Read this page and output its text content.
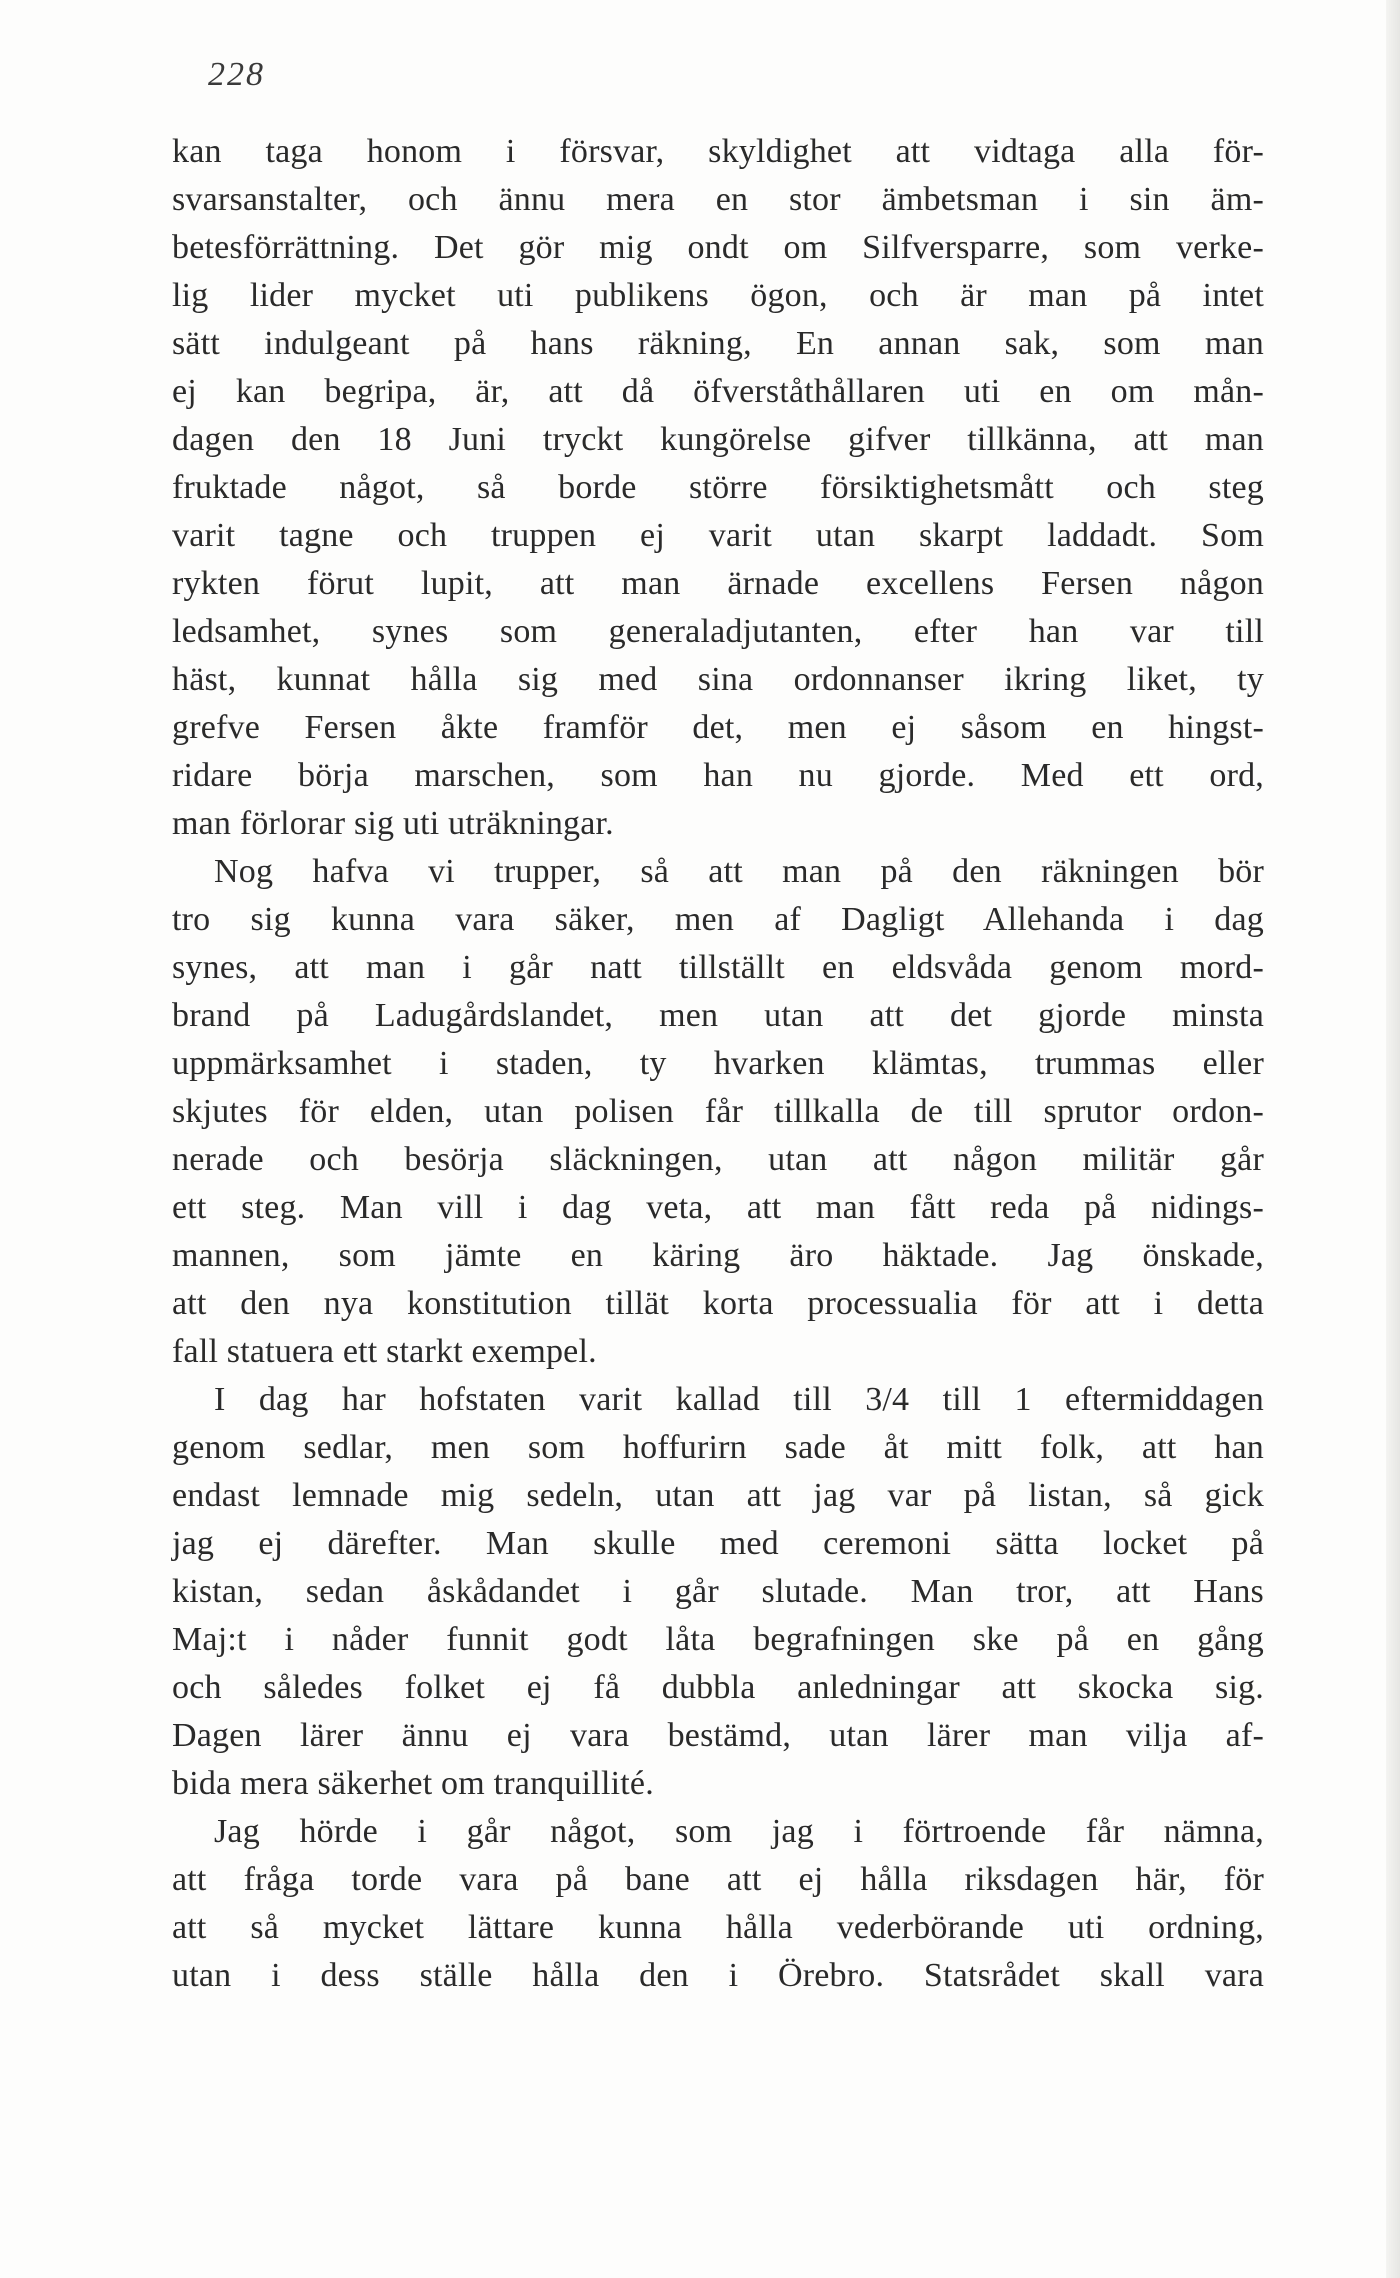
228
kan taga honom i försvar, skyldighet att vidtaga alla för-
svarsanstalter, och ännu mera en stor ämbetsman i sin äm-
betesförrättning. Det gör mig ondt om Silfversparre, som verke-
lig lider mycket uti publikens ögon, och är man på intet
sätt indulgeant på hans räkning, En annan sak, som man
ej kan begripa, är, att då öfverståthållaren uti en om mån-
dagen den 18 Juni tryckt kungörelse gifver tillkänna, att man
fruktade något, så borde större försiktighetsmått och steg
varit tagne och truppen ej varit utan skarpt laddadt. Som
rykten förut lupit, att man ärnade excellens Fersen någon
ledsamhet, synes som generaladjutanten, efter han var till
häst, kunnat hålla sig med sina ordonnanser ikring liket, ty
grefve Fersen åkte framför det, men ej såsom en hingst-
ridare börja marschen, som han nu gjorde. Med ett ord,
man förlorar sig uti uträkningar.
Nog hafva vi trupper, så att man på den räkningen bör
tro sig kunna vara säker, men af Dagligt Allehanda i dag
synes, att man i går natt tillställt en eldsvåda genom mord-
brand på Ladugårdslandet, men utan att det gjorde minsta
uppmärksamhet i staden, ty hvarken klämtas, trummas eller
skjutes för elden, utan polisen får tillkalla de till sprutor ordon-
nerade och besörja släckningen, utan att någon militär går
ett steg. Man vill i dag veta, att man fått reda på nidings-
mannen, som jämte en käring äro häktade. Jag önskade,
att den nya konstitution tillät korta processualia för att i detta
fall statuera ett starkt exempel.
I dag har hofstaten varit kallad till 3/4 till 1 eftermiddagen
genom sedlar, men som hoffurirn sade åt mitt folk, att han
endast lemnade mig sedeln, utan att jag var på listan, så gick
jag ej därefter. Man skulle med ceremoni sätta locket på
kistan, sedan åskådandet i går slutade. Man tror, att Hans
Maj:t i nåder funnit godt låta begrafningen ske på en gång
och således folket ej få dubbla anledningar att skocka sig.
Dagen lärer ännu ej vara bestämd, utan lärer man vilja af-
bida mera säkerhet om tranquillité.
Jag hörde i går något, som jag i förtroende får nämna,
att fråga torde vara på bane att ej hålla riksdagen här, för
att så mycket lättare kunna hålla vederbörande uti ordning,
utan i dess ställe hålla den i Örebro. Statsrådet skall vara
